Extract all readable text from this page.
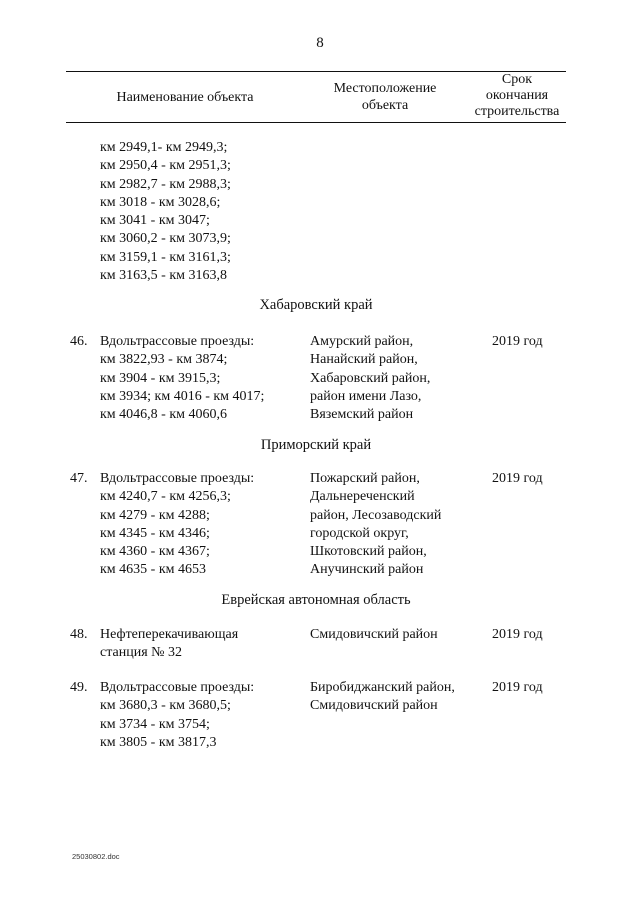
8
Наименование объекта
Местоположение
объекта
Срок
окончания
строительства
км 2949,1- км 2949,3;
км 2950,4 - км 2951,3;
км 2982,7 - км 2988,3;
км 3018 - км 3028,6;
км 3041 - км 3047;
км 3060,2 - км 3073,9;
км 3159,1 - км 3161,3;
км 3163,5 - км 3163,8
Хабаровский край
46. Вдольтрассовые проезды:
км 3822,93 - км 3874;
км 3904 - км 3915,3;
км 3934; км 4016 - км 4017;
км 4046,8 - км 4060,6
Амурский район,
Нанайский район,
Хабаровский район,
район имени Лазо,
Вяземский район
2019 год
Приморский край
47. Вдольтрассовые проезды:
км 4240,7 - км 4256,3;
км 4279 - км 4288;
км 4345 - км 4346;
км 4360 - км 4367;
км 4635 - км 4653
Пожарский район,
Дальнереченский
район, Лесозаводский
городской округ,
Шкотовский район,
Анучинский район
2019 год
Еврейская автономная область
48. Нефтеперекачивающая
станция № 32
Смидовичский район	2019 год
49. Вдольтрассовые проезды:
км 3680,3 - км 3680,5;
км 3734 - км 3754;
км 3805 - км 3817,3
Биробиджанский район,
Смидовичский район
2019 год
25030802.doc
